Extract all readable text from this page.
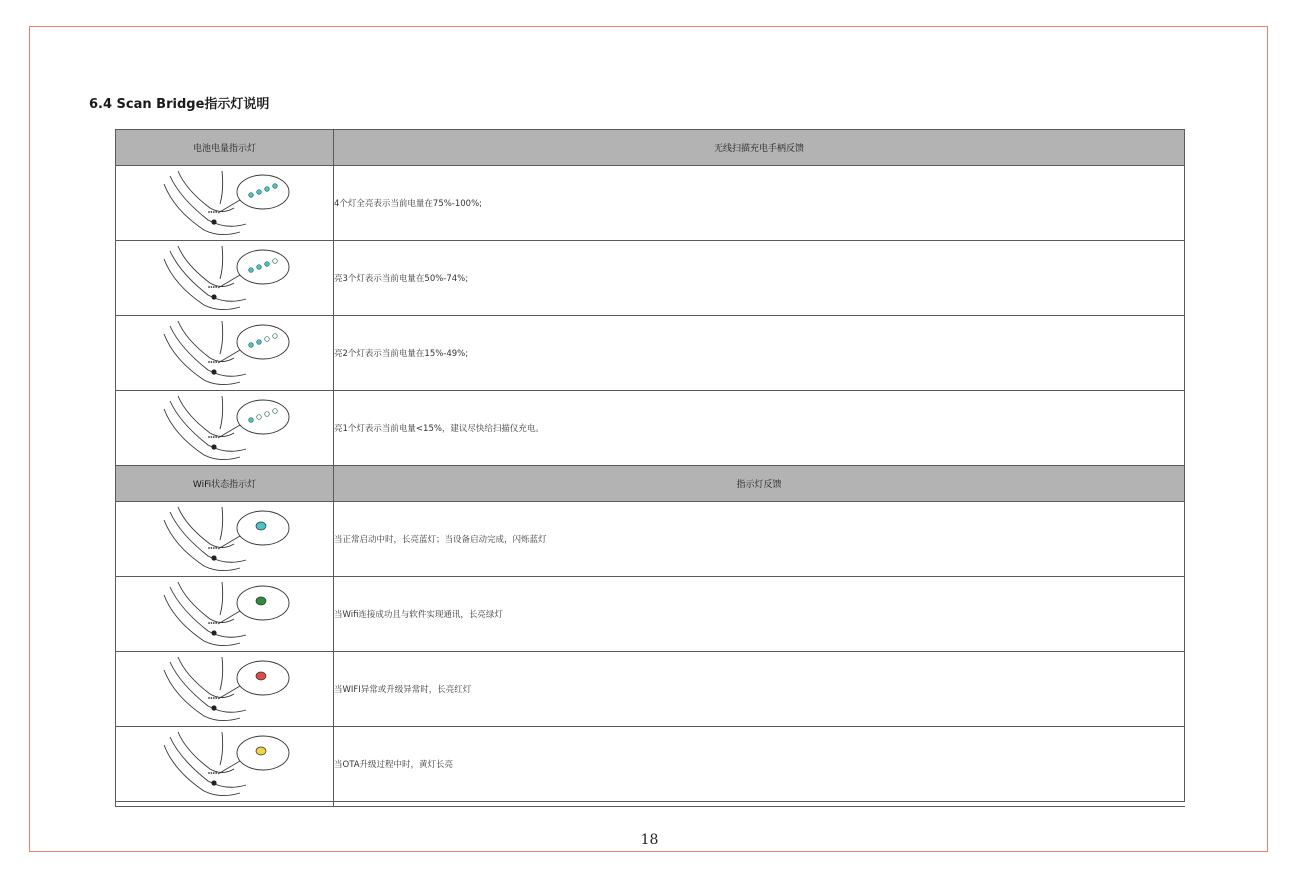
6.4 Scan Bridge指示灯说明
电池电量指示灯	无线扫描充电手柄反馈

	4个灯全亮表示当前电量在75%-100%;

	亮3个灯表示当前电量在50%-74%;

	亮2个灯表示当前电量在15%-49%;

	亮1个灯表示当前电量<15%，建议尽快给扫描仪充电。
WiFi状态指示灯	指示灯反馈

	当正常启动中时，长亮蓝灯；当设备启动完成，闪烁蓝灯

	当Wifi连接成功且与软件实现通讯，长亮绿灯

	当WIFI异常或升级异常时，长亮红灯

	当OTA升级过程中时，黄灯长亮

18
